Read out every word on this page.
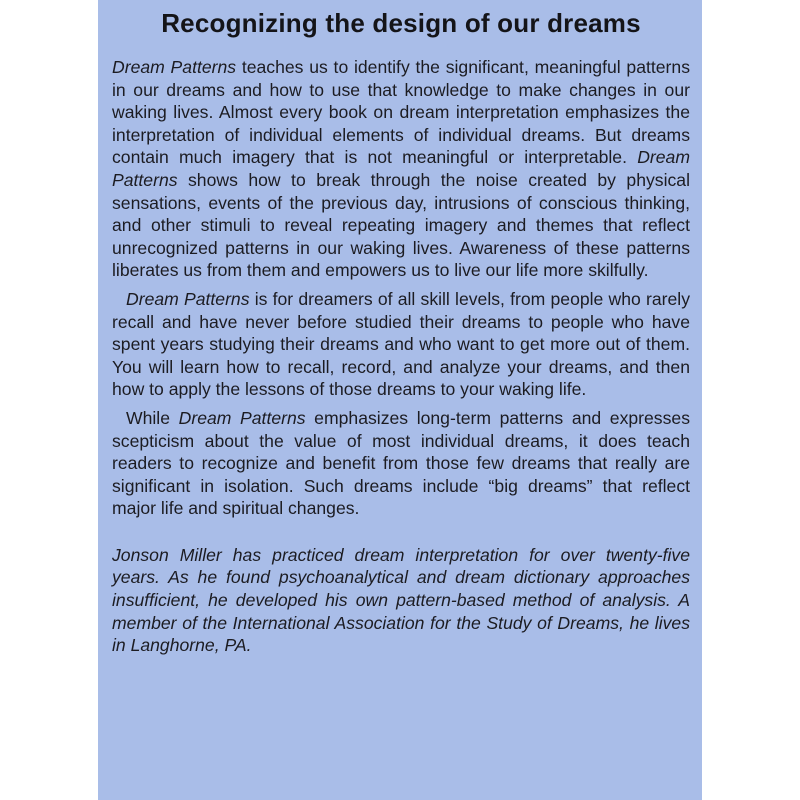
Recognizing the design of our dreams

Dream Patterns teaches us to identify the significant, meaningful patterns in our dreams and how to use that knowledge to make changes in our waking lives. Almost every book on dream interpretation emphasizes the interpretation of individual elements of individual dreams. But dreams contain much imagery that is not meaningful or interpretable. Dream Patterns shows how to break through the noise created by physical sensations, events of the previous day, intrusions of conscious thinking, and other stimuli to reveal repeating imagery and themes that reflect unrecognized patterns in our waking lives. Awareness of these patterns liberates us from them and empowers us to live our life more skilfully.

Dream Patterns is for dreamers of all skill levels, from people who rarely recall and have never before studied their dreams to people who have spent years studying their dreams and who want to get more out of them. You will learn how to recall, record, and analyze your dreams, and then how to apply the lessons of those dreams to your waking life.

While Dream Patterns emphasizes long-term patterns and expresses scepticism about the value of most individual dreams, it does teach readers to recognize and benefit from those few dreams that really are significant in isolation. Such dreams include “big dreams” that reflect major life and spiritual changes.

Jonson Miller has practiced dream interpretation for over twenty-five years. As he found psychoanalytical and dream dictionary approaches insufficient, he developed his own pattern-based method of analysis. A member of the International Association for the Study of Dreams, he lives in Langhorne, PA.
